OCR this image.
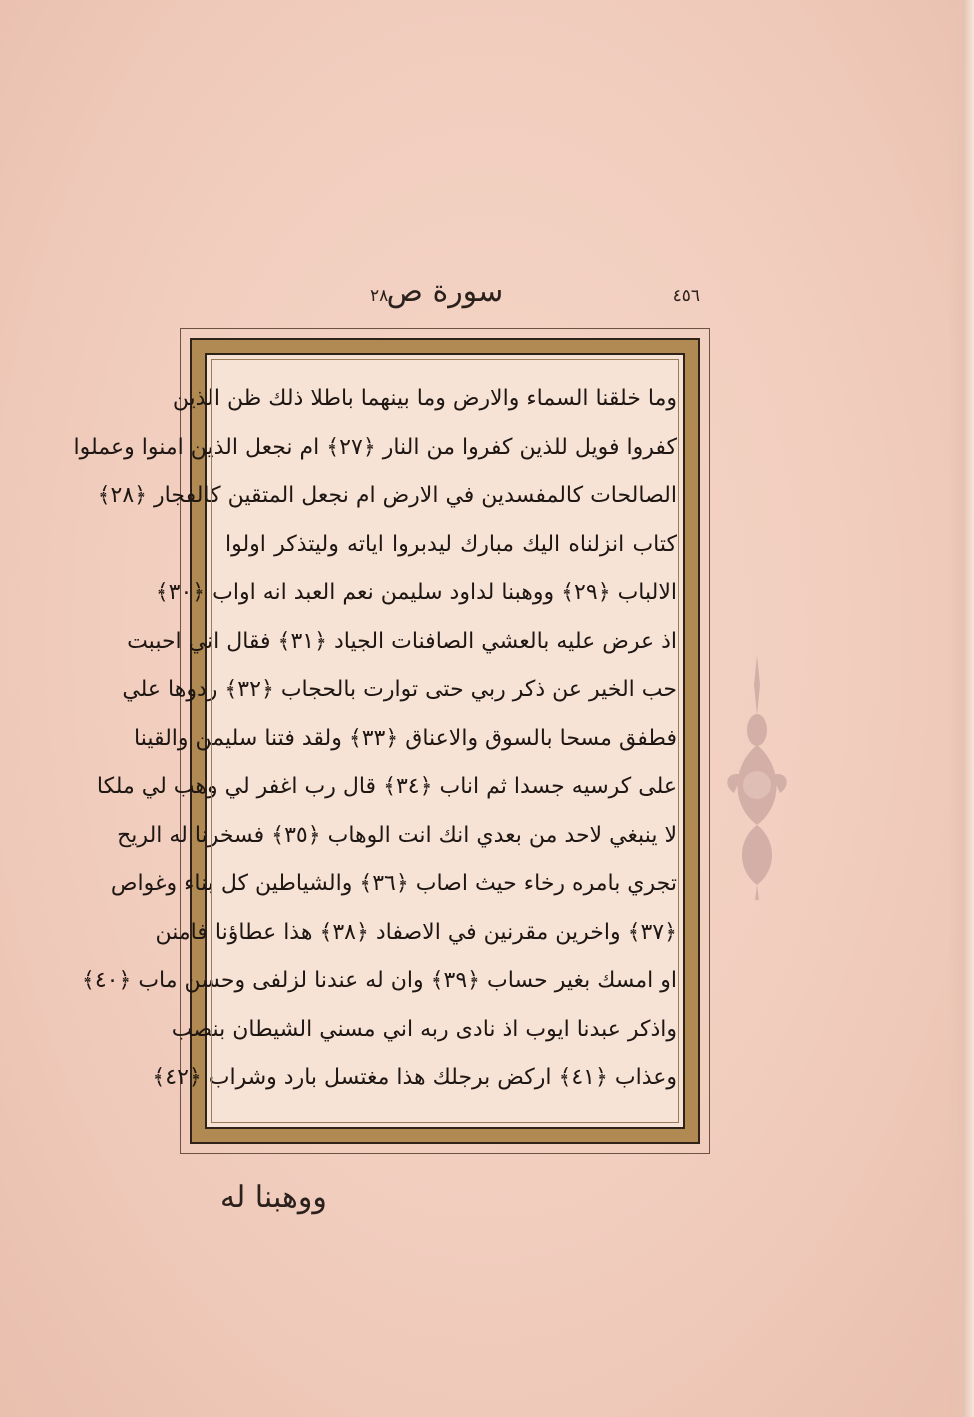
٤٥٦
سورة ص
٢٨
وما خلقنا السماء والارض وما بينهما باطلا ذلك ظن الذين
كفروا فويل للذين كفروا من النار ﴿٢٧﴾ ام نجعل الذين امنوا وعملوا
الصالحات كالمفسدين في الارض ام نجعل المتقين كالفجار ﴿٢٨﴾
كتاب انزلناه اليك مبارك ليدبروا اياته وليتذكر اولوا
الالباب ﴿٢٩﴾ ووهبنا لداود سليمن نعم العبد انه اواب ﴿٣٠﴾
اذ عرض عليه بالعشي الصافنات الجياد ﴿٣١﴾ فقال اني احببت
حب الخير عن ذكر ربي حتى توارت بالحجاب ﴿٣٢﴾ ردوها علي
فطفق مسحا بالسوق والاعناق ﴿٣٣﴾ ولقد فتنا سليمن والقينا
على كرسيه جسدا ثم اناب ﴿٣٤﴾ قال رب اغفر لي وهب لي ملكا
لا ينبغي لاحد من بعدي انك انت الوهاب ﴿٣٥﴾ فسخرنا له الريح
تجري بامره رخاء حيث اصاب ﴿٣٦﴾ والشياطين كل بناء وغواص
﴿٣٧﴾ واخرين مقرنين في الاصفاد ﴿٣٨﴾ هذا عطاؤنا فامنن
او امسك بغير حساب ﴿٣٩﴾ وان له عندنا لزلفى وحسن ماب ﴿٤٠﴾
واذكر عبدنا ايوب اذ نادى ربه اني مسني الشيطان بنصب
وعذاب ﴿٤١﴾ اركض برجلك هذا مغتسل بارد وشراب ﴿٤٢﴾
ووهبنا له
